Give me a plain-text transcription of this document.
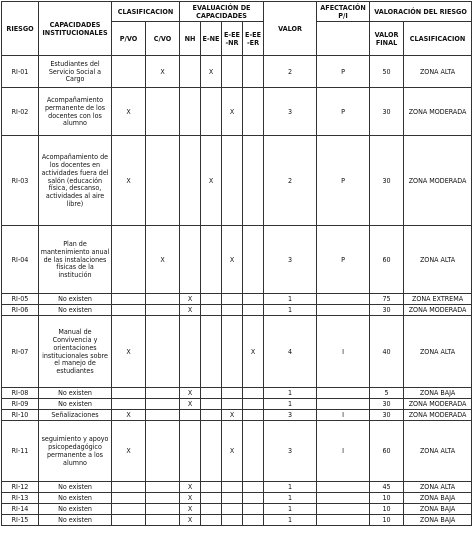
RIESGO	CAPACIDADES INSTITUCIONALES	CLASIFICACION		EVALUACIÓN DE CAPACIDADES				VALOR	AFECTACIÓN P/I	VALORACIÓN DEL RIESGO	
		P/VO	C/VO	NH	E-NE	E-EE-NR	E-EE-ER			VALOR FINAL	CLASIFICACION
RI-01	Estudiantes del Servicio Social a Cargo		X		X			2	P	50	ZONA ALTA
RI-02	Acompañamiento permanente de los docentes con los alumno	X				X		3	P	30	ZONA MODERADA
RI-03	Acompañamiento de los docentes en actividades fuera del salón (educación física, descanso, actividades al aire libre)	X			X			2	P	30	ZONA MODERADA
RI-04	Plan de mantenimiento anual de las instalaciones físicas de la institución		X			X		3	P	60	ZONA ALTA
RI-05	No existen			X				1		75	ZONA EXTREMA
RI-06	No existen			X				1		30	ZONA MODERADA
RI-07	Manual de Convivencia y orientaciones institucionales sobre el manejo de estudiantes	X					X	4	I	40	ZONA ALTA
RI-08	No existen			X				1		5	ZONA BAJA
RI-09	No existen			X				1		30	ZONA MODERADA
RI-10	Señalizaciones	X				X		3	I	30	ZONA MODERADA
RI-11	seguimiento y apoyo psicopedagógico permanente a los alumno	X				X		3	I	60	ZONA ALTA
RI-12	No existen			X				1		45	ZONA ALTA
RI-13	No existen			X				1		10	ZONA BAJA
RI-14	No existen			X				1		10	ZONA BAJA
RI-15	No existen			X				1		10	ZONA BAJA
